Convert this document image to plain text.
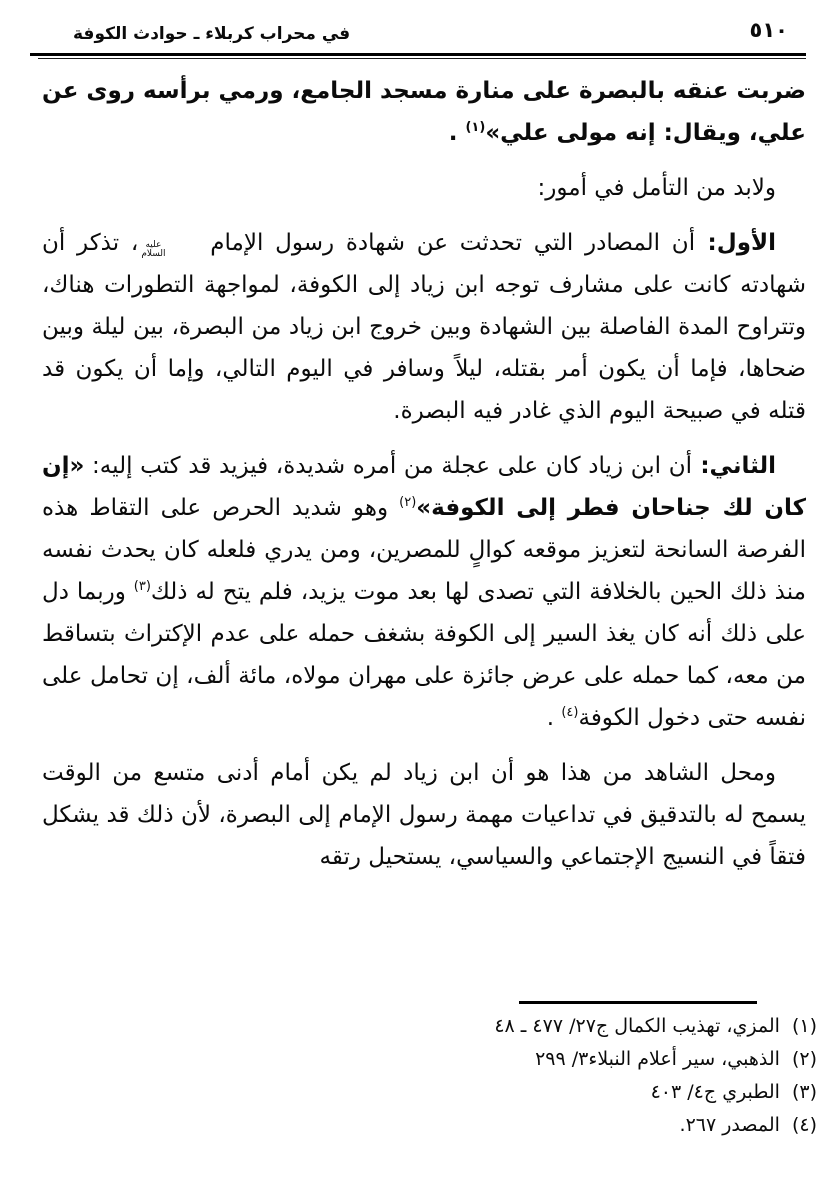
٥١٠
في محراب كربلاء ـ حوادث الكوفة

ضربت عنقه بالبصرة على منارة مسجد الجامع، ورمي برأسه روى عن علي، ويقال: إنه مولى علي»$^{(١)}$ .

ولابد من التأمل في أمور:

الأول: أن المصادر التي تحدثت عن شهادة رسول الإمام
عليه
السلام
، تذكر أن شهادته كانت على مشارف توجه ابن زياد إلى الكوفة، لمواجهة التطورات هناك، وتتراوح المدة الفاصلة بين الشهادة وبين خروج ابن زياد من البصرة، بين ليلة وبين ضحاها، فإما أن يكون أمر بقتله، ليلاً وسافر في اليوم التالي، وإما أن يكون قد قتله في صبيحة اليوم الذي غادر فيه البصرة.

الثاني: أن ابن زياد كان على عجلة من أمره شديدة، فيزيد قد كتب إليه: «إن كان لك جناحان فطر إلى الكوفة»$^{(٢)}$ وهو شديد الحرص على التقاط هذه الفرصة السانحة لتعزيز موقعه كوالٍ للمصرين، ومن يدري فلعله كان يحدث نفسه منذ ذلك الحين بالخلافة التي تصدى لها بعد موت يزيد، فلم يتح له ذلك$^{(٣)}$ وربما دل على ذلك أنه كان يغذ السير إلى الكوفة بشغف حمله على عدم الإكتراث بتساقط من معه، كما حمله على عرض جائزة على مهران مولاه، مائة ألف، إن تحامل على نفسه حتى دخول الكوفة$^{(٤)}$ .

ومحل الشاهد من هذا هو أن ابن زياد لم يكن أمام أدنى متسع من الوقت يسمح له بالتدقيق في تداعيات مهمة رسول الإمام إلى البصرة، لأن ذلك قد يشكل فتقاً في النسيج الإجتماعي والسياسي، يستحيل رتقه

(١)المزي، تهذيب الكمال ج٢٧/ ٤٧٧ ـ ٤٨
(٢)الذهبي، سير أعلام النبلاء٣/ ٢٩٩
(٣)الطبري ج٤/ ٤٠٣
(٤)المصدر ٢٦٧.
